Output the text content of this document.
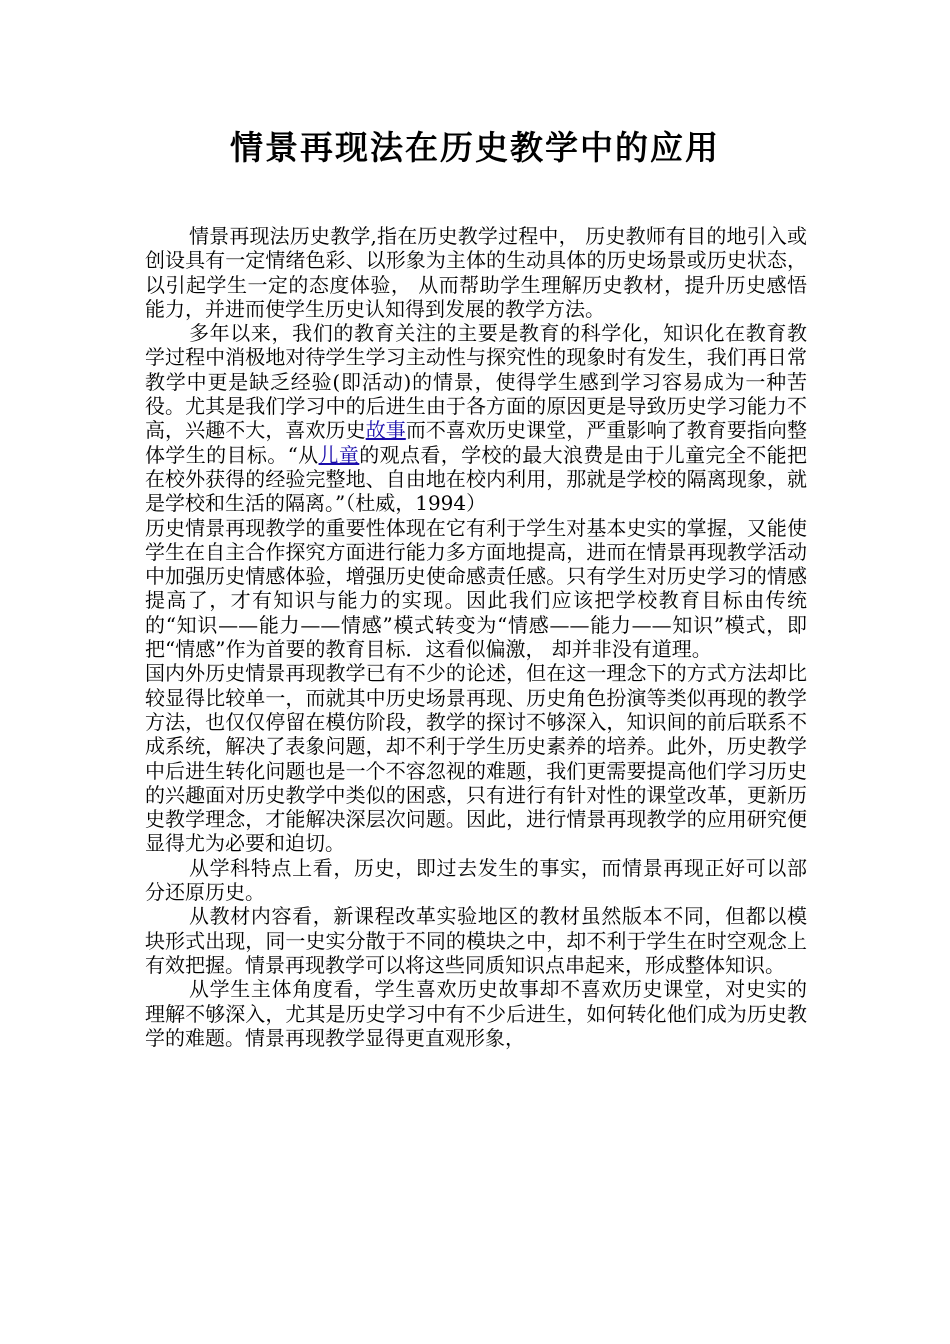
情景再现法在历史教学中的应用

情景再现法历史教学,指在历史教学过程中， 历史教师有目的地引入或创设具有一定情绪色彩、以形象为主体的生动具体的历史场景或历史状态， 以引起学生一定的态度体验， 从而帮助学生理解历史教材，提升历史感悟能力，并进而使学生历史认知得到发展的教学方法。

多年以来，我们的教育关注的主要是教育的科学化，知识化在教育教学过程中消极地对待学生学习主动性与探究性的现象时有发生，我们再日常教学中更是缺乏经验(即活动)的情景，使得学生感到学习容易成为一种苦役。尤其是我们学习中的后进生由于各方面的原因更是导致历史学习能力不高，兴趣不大，喜欢历史故事而不喜欢历史课堂，严重影响了教育要指向整体学生的目标。“从儿童的观点看，学校的最大浪费是由于儿童完全不能把在校外获得的经验完整地、自由地在校内利用，那就是学校的隔离现象，就是学校和生活的隔离。”（杜威，1994）

历史情景再现教学的重要性体现在它有利于学生对基本史实的掌握，又能使学生在自主合作探究方面进行能力多方面地提高，进而在情景再现教学活动中加强历史情感体验，增强历史使命感责任感。只有学生对历史学习的情感提高了，才有知识与能力的实现。因此我们应该把学校教育目标由传统的“知识——能力——情感”模式转变为“情感——能力——知识”模式，即把“情感”作为首要的教育目标．这看似偏激， 却并非没有道理。

国内外历史情景再现教学已有不少的论述，但在这一理念下的方式方法却比较显得比较单一，而就其中历史场景再现、历史角色扮演等类似再现的教学方法，也仅仅停留在模仿阶段，教学的探讨不够深入，知识间的前后联系不成系统，解决了表象问题，却不利于学生历史素养的培养。此外，历史教学中后进生转化问题也是一个不容忽视的难题，我们更需要提高他们学习历史的兴趣面对历史教学中类似的困惑，只有进行有针对性的课堂改革，更新历史教学理念，才能解决深层次问题。因此，进行情景再现教学的应用研究便显得尤为必要和迫切。

从学科特点上看，历史，即过去发生的事实，而情景再现正好可以部分还原历史。

从教材内容看，新课程改革实验地区的教材虽然版本不同，但都以模块形式出现，同一史实分散于不同的模块之中，却不利于学生在时空观念上有效把握。情景再现教学可以将这些同质知识点串起来，形成整体知识。

从学生主体角度看，学生喜欢历史故事却不喜欢历史课堂，对史实的理解不够深入，尤其是历史学习中有不少后进生，如何转化他们成为历史教学的难题。情景再现教学显得更直观形象，
